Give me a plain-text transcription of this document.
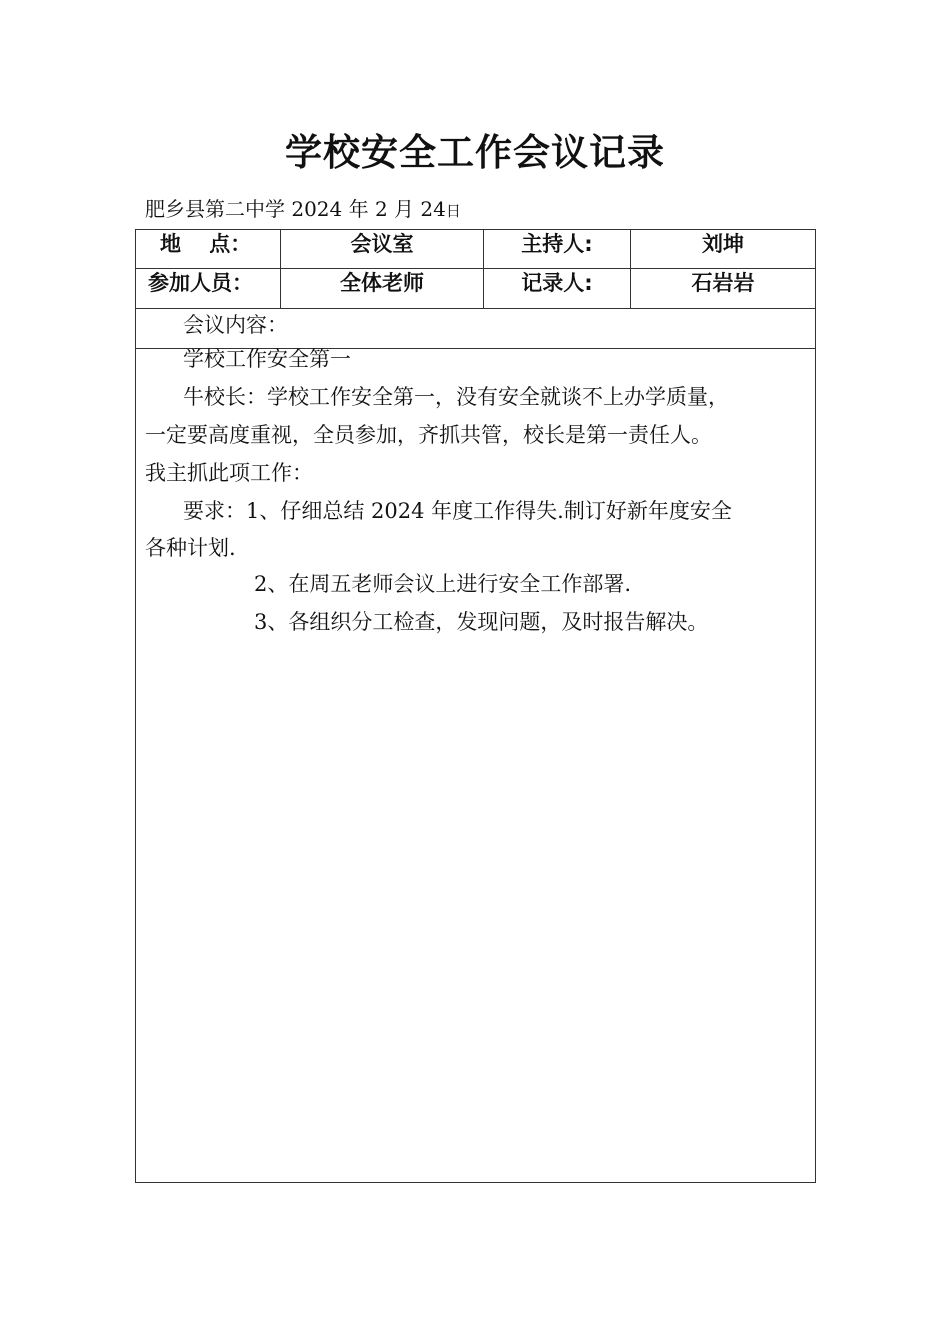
学校安全工作会议记录
肥乡县第二中学 2024 年 2 月 24日
地　 点：	会议室	主持人:	刘坤
参加人员：	全体老师	记录人:	石岩岩
会议内容：
学校工作安全第一
牛校长：学校工作安全第一，没有安全就谈不上办学质量，
一定要高度重视，全员参加，齐抓共管，校长是第一责任人。
我主抓此项工作：
要求：1、仔细总结 2024 年度工作得失.制订好新年度安全
各种计划.
2、在周五老师会议上进行安全工作部署.
3、各组织分工检查，发现问题，及时报告解决。
